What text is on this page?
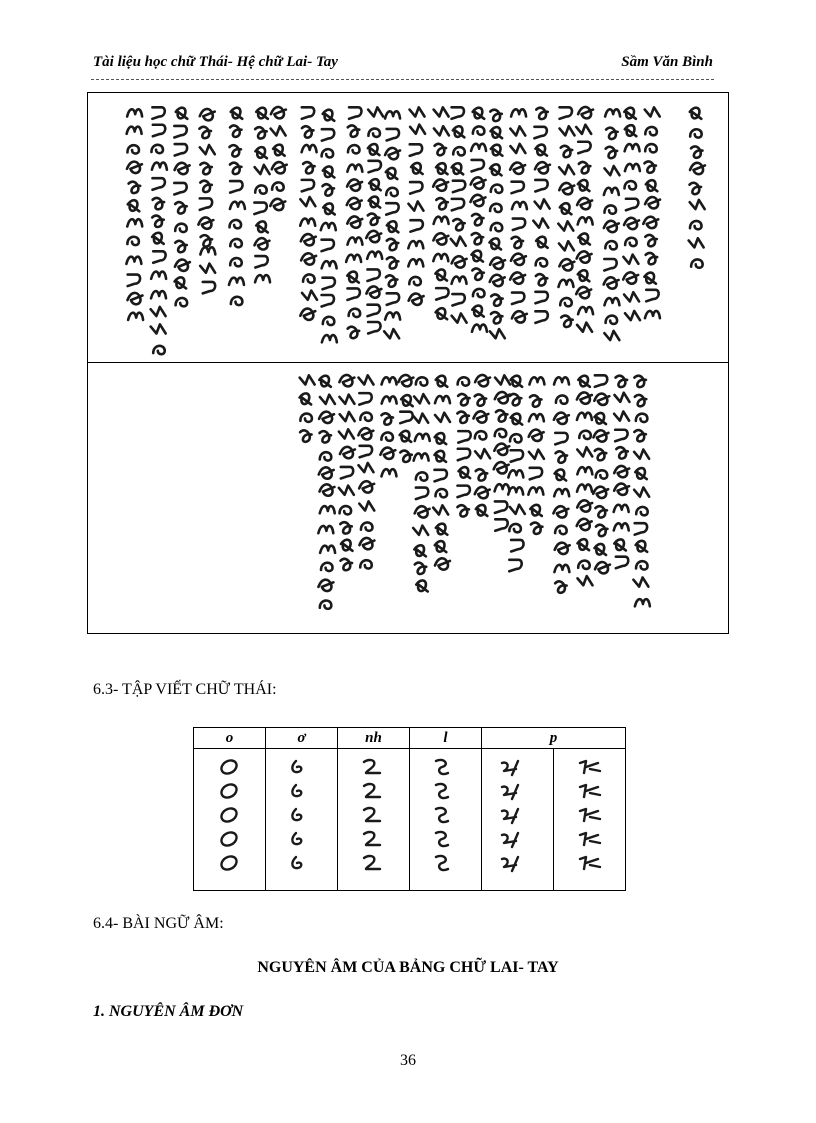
Tài liệu học chữ Thái- Hệ chữ Lai- Tay	Sầm Văn Bình
6.3- TẬP VIẾT CHỮ THÁI:
o	ơ	nh	l	p	

6.4- BÀI NGỮ ÂM:
NGUYÊN ÂM CỦA BẢNG CHỮ LAI- TAY
1. NGUYÊN ÂM ĐƠN
36
